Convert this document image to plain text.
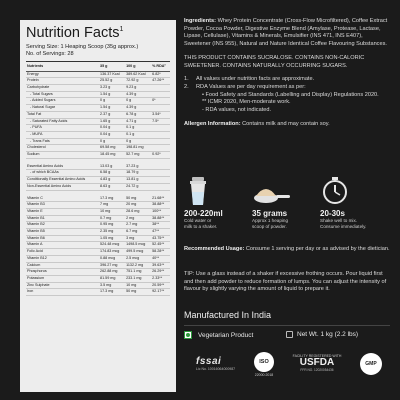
Nutrition Facts$^1$
Serving Size: 1 Heaping Scoop (35g approx.)
No. of Servings: 28
Nutrients	35 g	100 g	% RDA²
Energy	136.37 Kcal	389.62 Kcal	6.82*
Protein	25.52 g	72.92 g	47.26**
Carbohydrate	3.23 g	9.23 g	
- Total Sugars	1.54 g	4.39 g	
- Added Sugars	0 g	0 g	0*
- Natural Sugar	1.54 g	4.39 g	
Total Fat	2.37 g	6.78 g	3.54*
- Saturated Fatty Acids	1.65 g	4.71 g	7.5*
- PUFA	0.04 g	0.1 g	
- MUFA	0.04 g	0.1 g	
- Trans Fats	0 g	0 g	
Cholesterol	69.58 mg	198.81 mg	
Sodium	18.45 mg	52.7 mg	0.92*

Essential Amino Acids	13.03 g	37.23 g	
- of which BCAAs	6.58 g	18.79 g	
Conditionally Essential Amino Acids	4.83 g	13.81 g	
Non-Essential Amino Acids	8.63 g	24.72 g	

Vitamin C	17.3 mg	50 mg	21.68**
Vitamin B3	7 mg	20 mg	38.88**
Vitamin E	10 mg	28.6 mg	100**
Vitamin B1	0.7 mg	2 mg	38.88**
Vitamin B2	0.95 mg	2.7 mg	38**
Vitamin B5	2.35 mg	6.7 mg	47**
Vitamin B6	1.05 mg	3 mg	43.75**
Vitamin A	524.48 mcg	1498.5 mcg	52.45**
Folic Acid	174.83 mcg	499.5 mcg	58.28**
Vitamin B12	0.88 mcg	2.5 mcg	40**
Calcium	396.27 mg	1132.2 mg	39.63**
Phosphorus	262.88 mg	751.1 mg	26.29**
Potassium	81.59 mg	233.1 mg	2.33**
Zinc Sulphate	3.5 mg	10 mg	20.59**
Iron	17.3 mg	50 mg	92.17**

Ingredients: Whey Protein Concentrate (Cross-Flow Microfiltered), Coffee Extract Powder, Cocoa Powder, Digestive Enzyme Blend (Amylase, Protease, Lactase, Lipase, Cellulase), Vitamins & Minerals, Emulsifier (INS 471, INS E407), Sweetener (INS 955), Natural and Nature Identical Coffee Flavouring Substances.

THIS PRODUCT CONTAINS SUCRALOSE. CONTAINS NON-CALORIC SWEETENER. CONTAINS NATURALLY OCCURRING SUGARS.

1.	All values under nutrition facts are approximate.
2.	RDA Values are per day requirement as per:
• Food Safety and Standards (Labelling and Display) Regulations 2020.
** ICMR 2020, Men-moderate work.
- RDA values, not indicated.

Allergen Information: Contains milk and may contain soy.

200-220ml
Cold water or
milk to a shaker.
35 grams
Approx 1 heaping
scoop of powder.
20-30s
Shake well to mix.
Consume immediately.
Recommended Usage: Consume 1 serving per day or as advised by the dietician.
TIP: Use a glass instead of a shaker if excessive frothing occurs. Pour liquid first and then add powder to reduce formation of lumps. You can adjust the intensity of flavour by slightly varying the amount of liquid to prepare it.
Manufactured In India
Vegetarian Product	Net Wt. 1 kg (2.2 lbs)
fssai
Lic No. 10016064000987
ISO
22000:2018
FACILITY REGISTERED WITH
USFDA
FFR NO. 12020054436
GMP
